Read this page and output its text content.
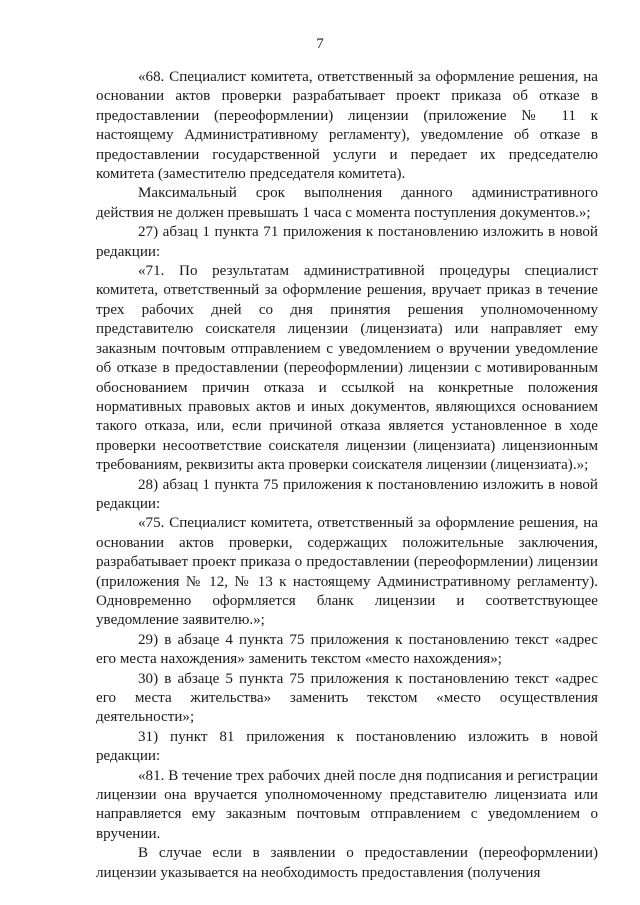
7

«68. Специалист комитета, ответственный за оформление решения, на основании актов проверки разрабатывает проект приказа об отказе в предоставлении (переоформлении) лицензии (приложение № 11 к настоящему Административному регламенту), уведомление об отказе в предоставлении государственной услуги и передает их председателю комитета (заместителю председателя комитета).

Максимальный срок выполнения данного административного действия не должен превышать 1 часа с момента поступления документов.»;

27) абзац 1 пункта 71 приложения к постановлению изложить в новой редакции:

«71. По результатам административной процедуры специалист комитета, ответственный за оформление решения, вручает приказ в течение трех рабочих дней со дня принятия решения уполномоченному представителю соискателя лицензии (лицензиата) или направляет ему заказным почтовым отправлением с уведомлением о вручении уведомление об отказе в предоставлении (переоформлении) лицензии с мотивированным обоснованием причин отказа и ссылкой на конкретные положения нормативных правовых актов и иных документов, являющихся основанием такого отказа, или, если причиной отказа является установленное в ходе проверки несоответствие соискателя лицензии (лицензиата) лицензионным требованиям, реквизиты акта проверки соискателя лицензии (лицензиата).»;

28) абзац 1 пункта 75 приложения к постановлению изложить в новой редакции:

«75. Специалист комитета, ответственный за оформление решения, на основании актов проверки, содержащих положительные заключения, разрабатывает проект приказа о предоставлении (переоформлении) лицензии (приложения № 12, № 13 к настоящему Административному регламенту). Одновременно оформляется бланк лицензии и соответствующее уведомление заявителю.»;

29) в абзаце 4 пункта 75 приложения к постановлению текст «адрес его места нахождения» заменить текстом «место нахождения»;

30) в абзаце 5 пункта 75 приложения к постановлению текст «адрес его места жительства» заменить текстом «место осуществления деятельности»;

31) пункт 81 приложения к постановлению изложить в новой редакции:

«81. В течение трех рабочих дней после дня подписания и регистрации лицензии она вручается уполномоченному представителю лицензиата или направляется ему заказным почтовым отправлением с уведомлением о вручении.

В случае если в заявлении о предоставлении (переоформлении) лицензии указывается на необходимость предоставления (получения
